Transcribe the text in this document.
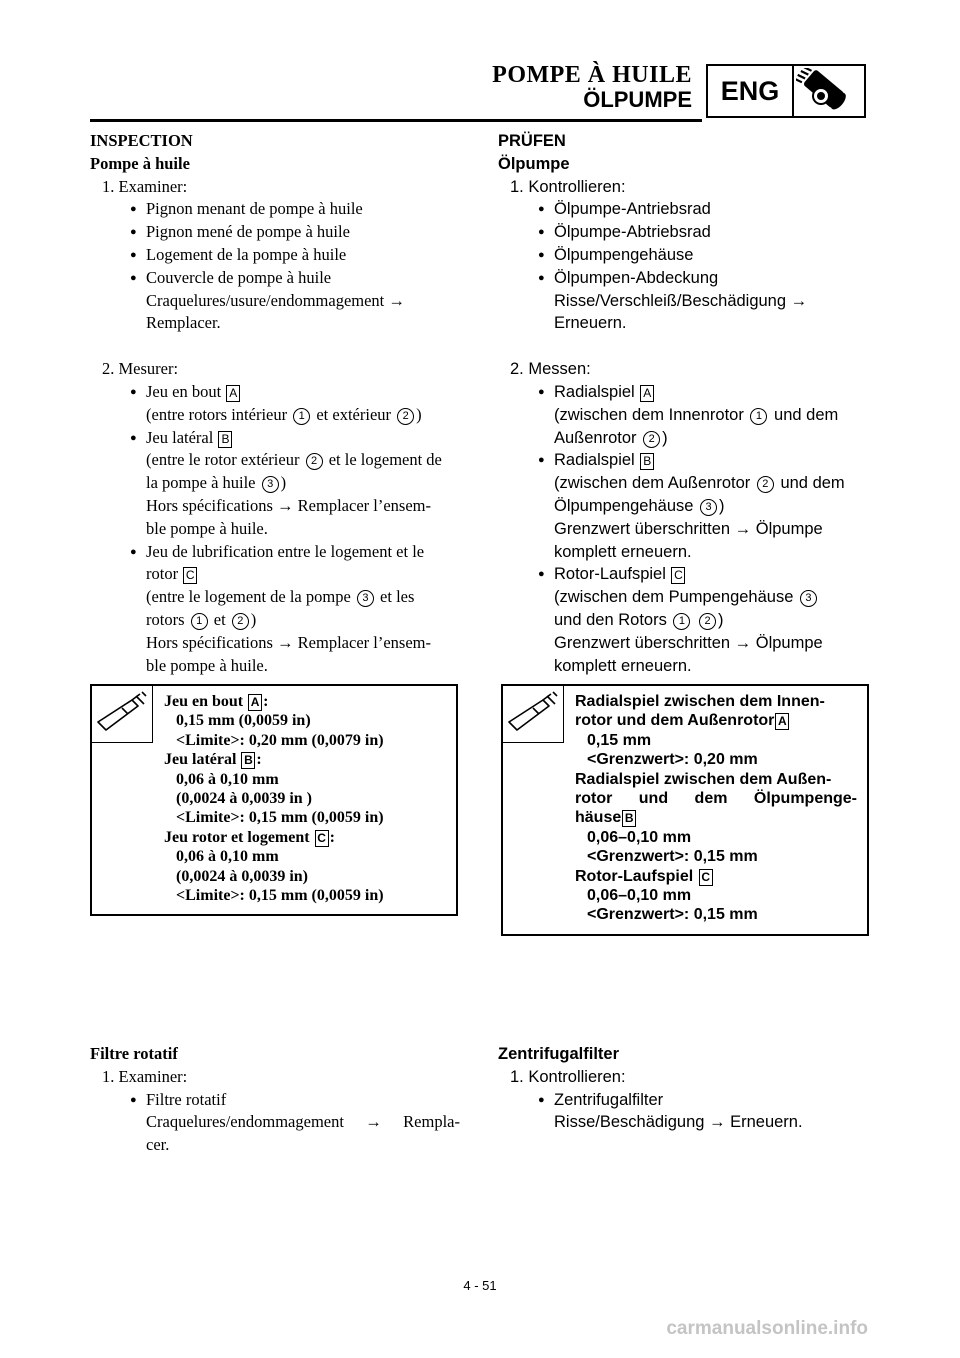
POMPE À HUILE
ÖLPUMPE	ENG
INSPECTION
Pompe à huile
1. Examiner:
●
Pignon menant de pompe à huile
●
Pignon mené de pompe à huile
●
Logement de la pompe à huile
●
Couvercle de pompe à huile
Craquelures/usure/endommagement →
Remplacer.
2. Mesurer:
●
Jeu en bout A
(entre rotors intérieur 1 et extérieur 2 )
●
Jeu latéral B
(entre le rotor extérieur 2 et le logement de
la pompe à huile 3 )
Hors spécifications → Remplacer l’ensem-
ble pompe à huile.
●
Jeu de lubrification entre le logement et le
rotor C
(entre le logement de la pompe 3 et les
rotors 1 et 2 )
Hors spécifications → Remplacer l’ensem-
ble pompe à huile.
PRÜFEN
Ölpumpe
1. Kontrollieren:
●
Ölpumpe-Antriebsrad
●
Ölpumpe-Abtriebsrad
●
Ölpumpengehäuse
●
Ölpumpen-Abdeckung
Risse/Verschleiß/Beschädigung →
Erneuern.
2. Messen:
●
Radialspiel A
(zwischen dem Innenrotor 1 und dem
Außenrotor 2 )
●
Radialspiel B
(zwischen dem Außenrotor 2 und dem
Ölpumpengehäuse 3 )
Grenzwert überschritten → Ölpumpe
komplett erneuern.
●
Rotor-Laufspiel C
(zwischen dem Pumpengehäuse 3
und den Rotors 1 2 )
Grenzwert überschritten → Ölpumpe
komplett erneuern.
Jeu en bout A :
0,15 mm (0,0059 in)
<Limite>: 0,20 mm (0,0079 in)
Jeu latéral B :
0,06 à 0,10 mm
(0,0024 à 0,0039 in )
<Limite>: 0,15 mm (0,0059 in)
Jeu rotor et logement C :
0,06 à 0,10 mm
(0,0024 à 0,0039 in)
<Limite>: 0,15 mm (0,0059 in)
Radialspiel zwischen dem Innen-
rotor und dem Außenrotor A
0,15 mm
<Grenzwert>: 0,20 mm
Radialspiel zwischen dem Außen-
rotor und dem Ölpumpenge-
häuse B
0,06–0,10 mm
<Grenzwert>: 0,15 mm
Rotor-Laufspiel C
0,06–0,10 mm
<Grenzwert>: 0,15 mm
Filtre rotatif
1. Examiner:
●
Filtre rotatif
Craquelures/endommagement → Rempla-
cer.
Zentrifugalfilter
1. Kontrollieren:
●
Zentrifugalfilter
Risse/Beschädigung → Erneuern.
4 - 51
carmanualsonline.info
